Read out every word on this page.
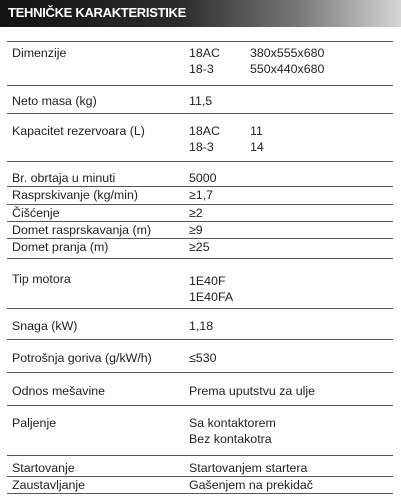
TEHNIČKE KARAKTERISTIKE
Dimenzije	18AC 380x555x680
18-3	550x440x680
Neto masa (kg)	11,5
Kapacitet rezervoara (L)	18AC 11
18-3	14
Br. obrtaja u minuti	5000
Rasprskivanje (kg/min)	≥1,7
Čišćenje	≥2
Domet rasprskavanja (m)	≥9
Domet pranja (m)	≥25
Tip motora	1E40F
1E40FA
Snaga (kW)	1,18
Potrošnja goriva (g/kW/h)	≤530
Odnos mešavine	Prema uputstvu za ulje
Paljenje	Sa kontaktorem
Bez kontakotra
Startovanje	Startovanjem startera
Zaustavljanje	Gašenjem na prekidač
